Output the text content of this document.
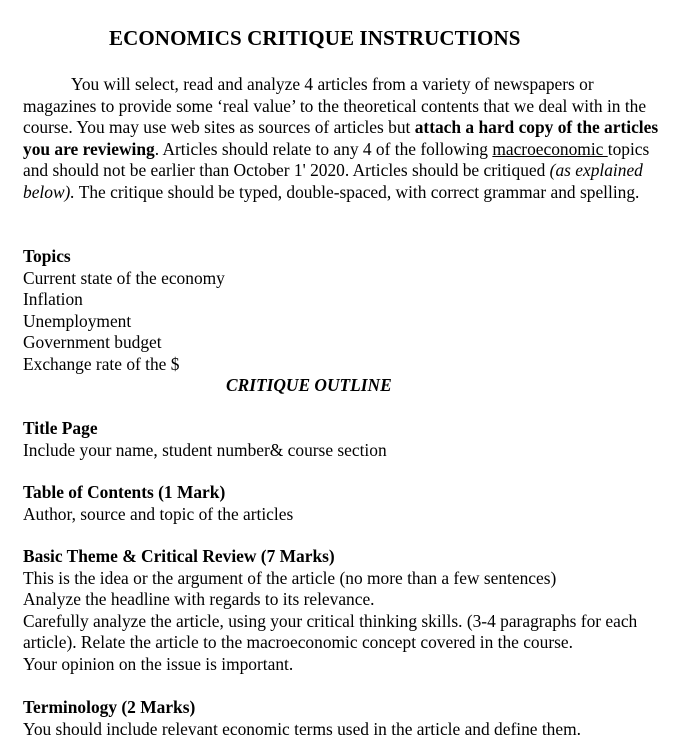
ECONOMICS CRITIQUE INSTRUCTIONS

You will select, read and analyze 4 articles from a variety of newspapers or magazines to provide some ‘real value’ to the theoretical contents that we deal with in the course. You may use web sites as sources of articles but attach a hard copy of the articles you are reviewing. Articles should relate to any 4 of the following macroeconomic topics and should not be earlier than October 1' 2020. Articles should be critiqued (as explained below). The critique should be typed, double-spaced, with correct grammar and spelling.

Topics
Current state of the economy
Inflation
Unemployment
Government budget
Exchange rate of the $
CRITIQUE OUTLINE
Title Page
Include your name, student number& course section
Table of Contents (1 Mark)
Author, source and topic of the articles
Basic Theme & Critical Review (7 Marks)
This is the idea or the argument of the article (no more than a few sentences)
Analyze the headline with regards to its relevance.
Carefully analyze the article, using your critical thinking skills. (3-4 paragraphs for each article). Relate the article to the macroeconomic concept covered in the course.
Your opinion on the issue is important.
Terminology (2 Marks)
You should include relevant economic terms used in the article and define them.
